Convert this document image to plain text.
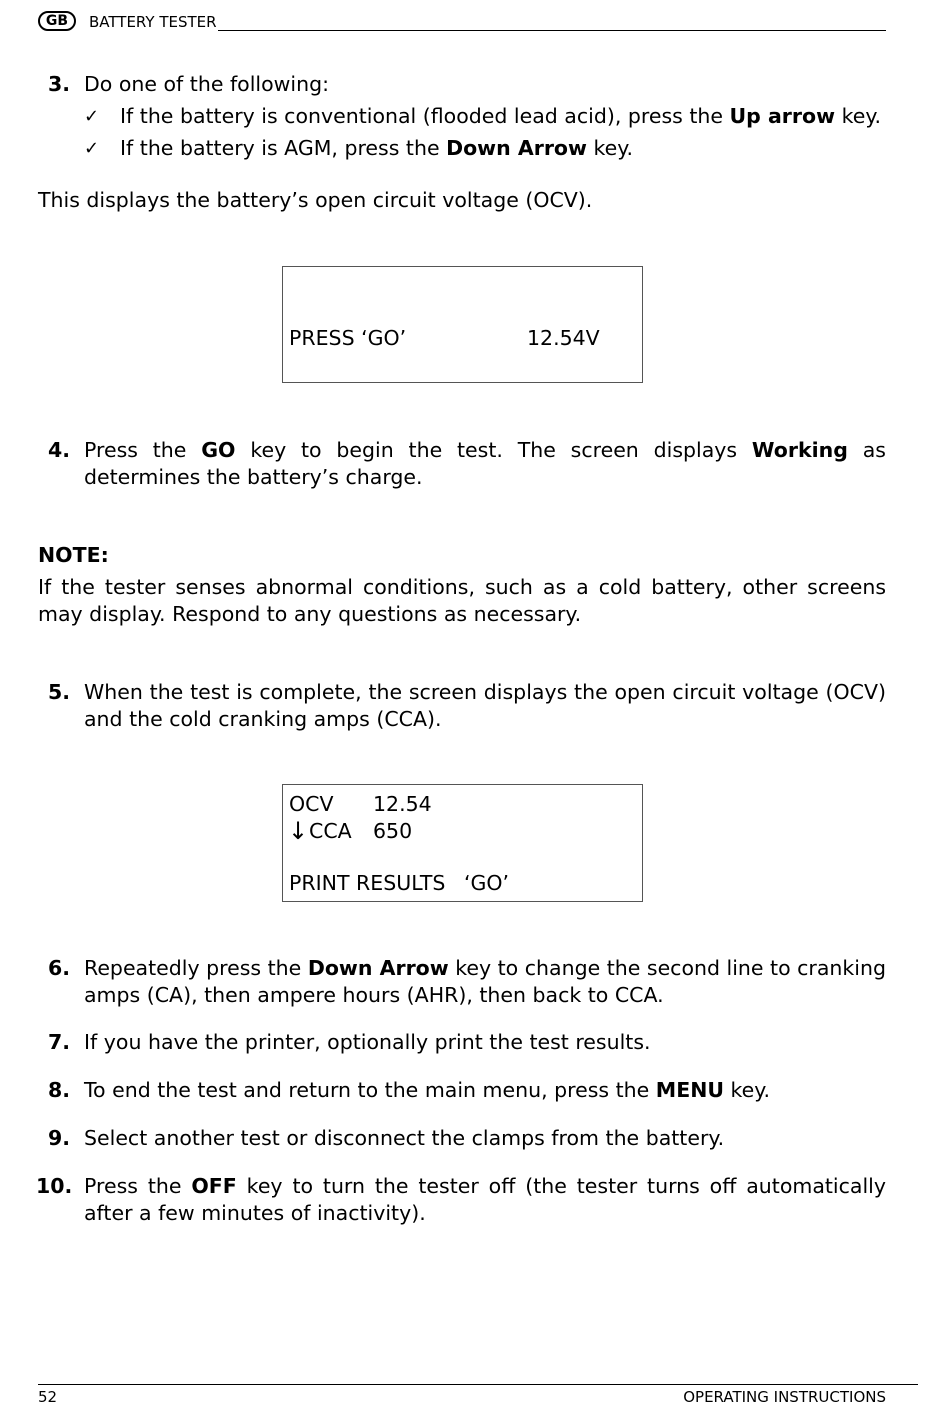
GB	BATTERY TESTER
3. Do one of the following:
✓ If the battery is conventional (flooded lead acid), press the Up arrow key.
✓ If the battery is AGM, press the Down Arrow key.
This displays the battery’s open circuit voltage (OCV).
PRESS ‘GO’	12.54V
4. Press the GO key to begin the test. The screen displays Working as determines the battery’s charge.
NOTE:
If the tester senses abnormal conditions, such as a cold battery, other screens may display. Respond to any questions as necessary.
5. When the test is complete, the screen displays the open circuit voltage (OCV) and the cold cranking amps (CCA).
OCV 12.54
↓ CCA 650
PRINT RESULTS ‘GO’
6. Repeatedly press the Down Arrow key to change the second line to cranking amps (CA), then ampere hours (AHR), then back to CCA.
7. If you have the printer, optionally print the test results.
8. To end the test and return to the main menu, press the MENU key.
9. Select another test or disconnect the clamps from the battery.
10. Press the OFF key to turn the tester off (the tester turns off automatically after a few minutes of inactivity).
52	OPERATING INSTRUCTIONS
